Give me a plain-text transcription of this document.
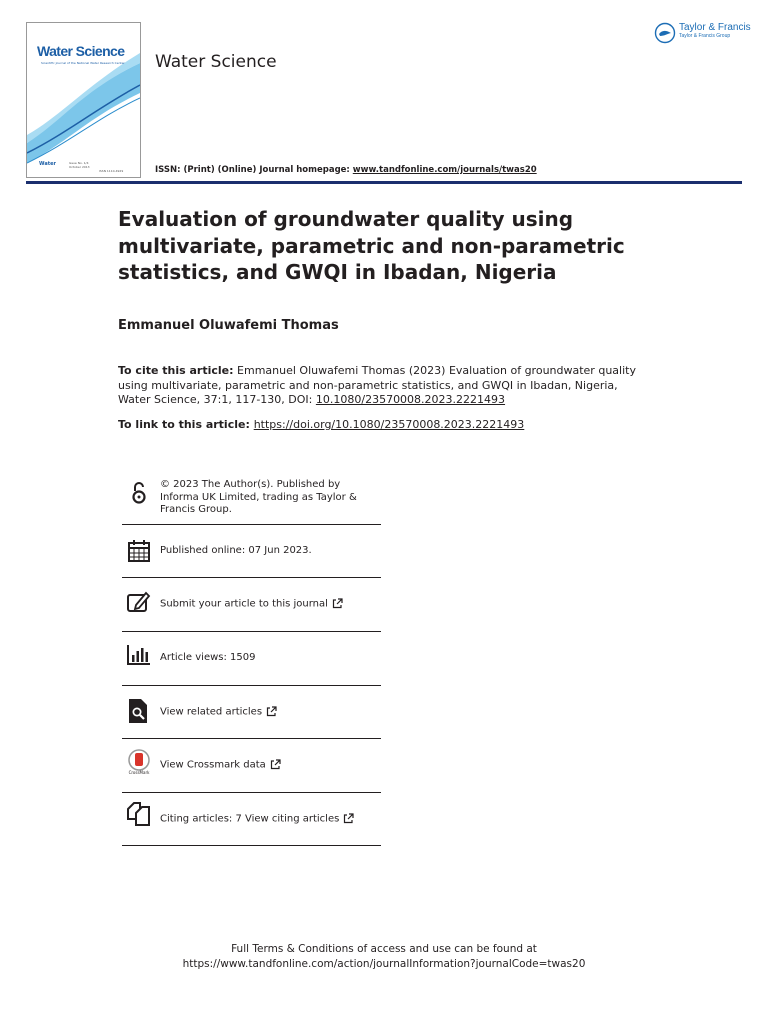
Water Science
Scientific Journal of the National Water Research Center
Water	Issue No. 1/4
October 2013
ISSN 1110-4929
Water Science
Taylor & Francis
Taylor & Francis Group
ISSN: (Print) (Online) Journal homepage: www.tandfonline.com/journals/twas20
Evaluation of groundwater quality using multivariate, parametric and non-parametric statistics, and GWQI in Ibadan, Nigeria
Emmanuel Oluwafemi Thomas
To cite this article: Emmanuel Oluwafemi Thomas (2023) Evaluation of groundwater quality using multivariate, parametric and non-parametric statistics, and GWQI in Ibadan, Nigeria, Water Science, 37:1, 117-130, DOI: 10.1080/23570008.2023.2221493
To link to this article: https://doi.org/10.1080/23570008.2023.2221493
© 2023 The Author(s). Published by Informa UK Limited, trading as Taylor & Francis Group.
Published online: 07 Jun 2023.
Submit your article to this journal
Article views: 1509
View related articles
CrossMark
View Crossmark data
Citing articles: 7 View citing articles
Full Terms & Conditions of access and use can be found at
https://www.tandfonline.com/action/journalInformation?journalCode=twas20
